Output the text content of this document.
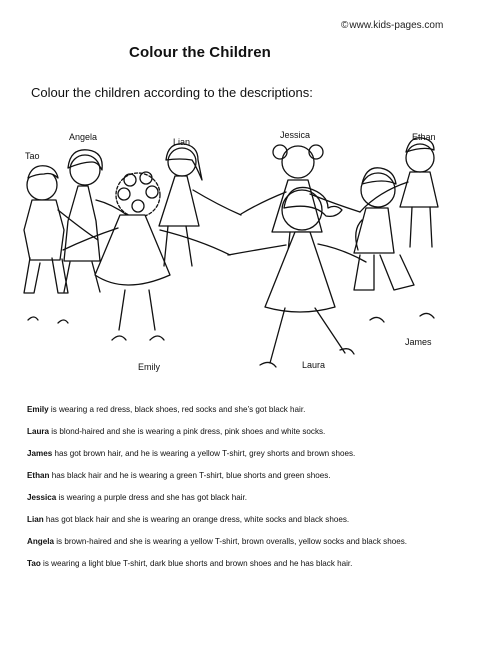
©www.kids-pages.com
Colour the Children
Colour the children according to the descriptions:
Tao
Angela	Lian
Jessica	Ethan
Emily	Laura
James
Emily is wearing a red dress, black shoes, red socks and she’s got black hair.
Laura is blond-haired and she is wearing a pink dress, pink shoes and white socks.
James has got brown hair, and he is wearing a yellow T-shirt, grey shorts and brown shoes.
Ethan has black hair and he is wearing a green T-shirt, blue shorts and green shoes.
Jessica is wearing a purple dress and she has got black hair.
Lian has got black hair and she is wearing an orange dress, white socks and black shoes.
Angela is brown-haired and she is wearing a yellow T-shirt, brown overalls, yellow socks and black shoes.
Tao is wearing a light blue T-shirt, dark blue shorts and brown shoes and he has black hair.
